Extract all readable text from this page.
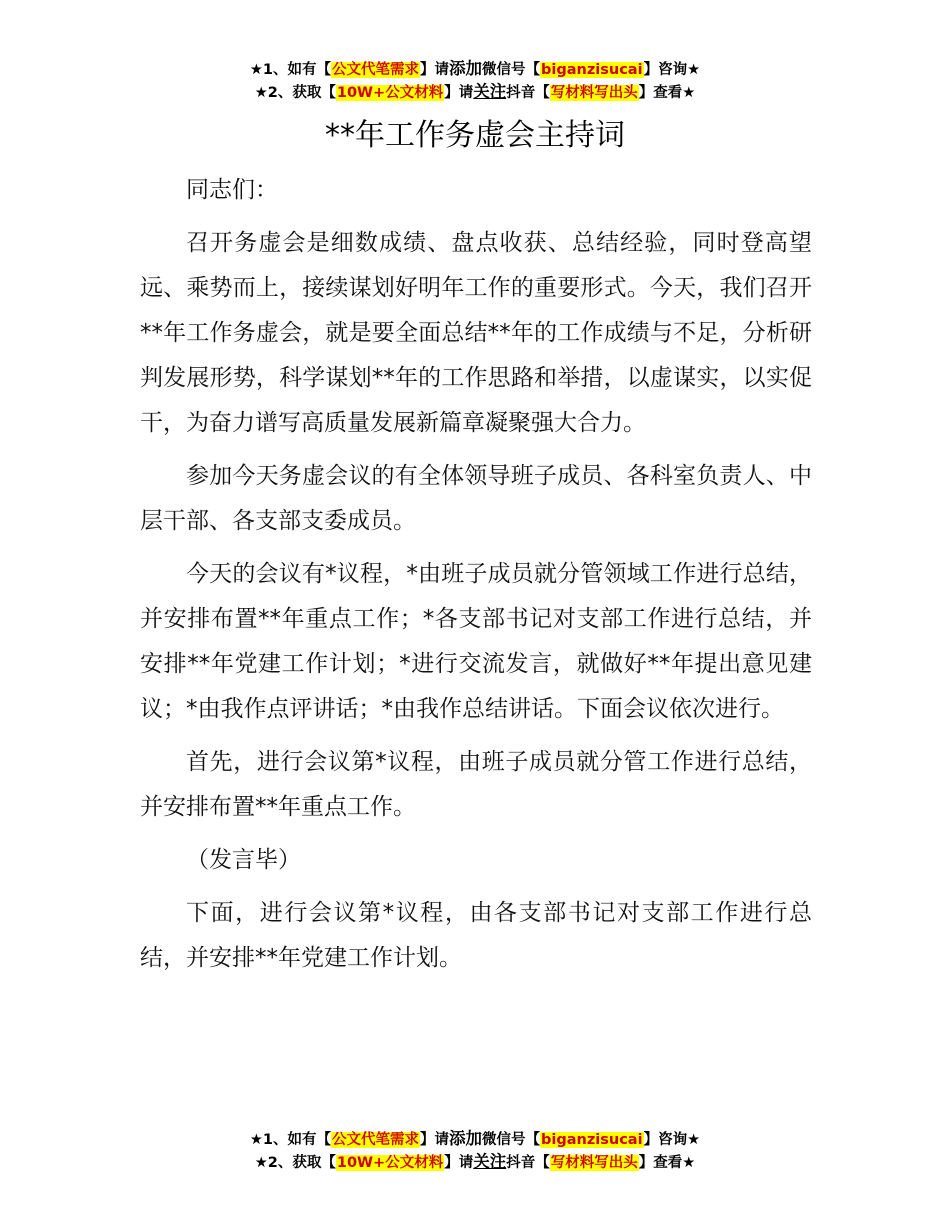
★1、如有【公文代笔需求】请添加微信号【biganzisucai】咨询★
★2、获取【10W+公文材料】请关注抖音【写材料写出头】查看★
**年工作务虚会主持词

同志们：

召开务虚会是细数成绩、盘点收获、总结经验，同时登高望远、乘势而上，接续谋划好明年工作的重要形式。今天，我们召开**年工作务虚会，就是要全面总结**年的工作成绩与不足，分析研判发展形势，科学谋划**年的工作思路和举措，以虚谋实，以实促干，为奋力谱写高质量发展新篇章凝聚强大合力。

参加今天务虚会议的有全体领导班子成员、各科室负责人、中层干部、各支部支委成员。

今天的会议有*议程，*由班子成员就分管领域工作进行总结，并安排布置**年重点工作；*各支部书记对支部工作进行总结，并安排**年党建工作计划；*进行交流发言，就做好**年提出意见建议；*由我作点评讲话；*由我作总结讲话。下面会议依次进行。

首先，进行会议第*议程，由班子成员就分管工作进行总结，并安排布置**年重点工作。

（发言毕）

下面，进行会议第*议程，由各支部书记对支部工作进行总结，并安排**年党建工作计划。

★1、如有【公文代笔需求】请添加微信号【biganzisucai】咨询★
★2、获取【10W+公文材料】请关注抖音【写材料写出头】查看★
